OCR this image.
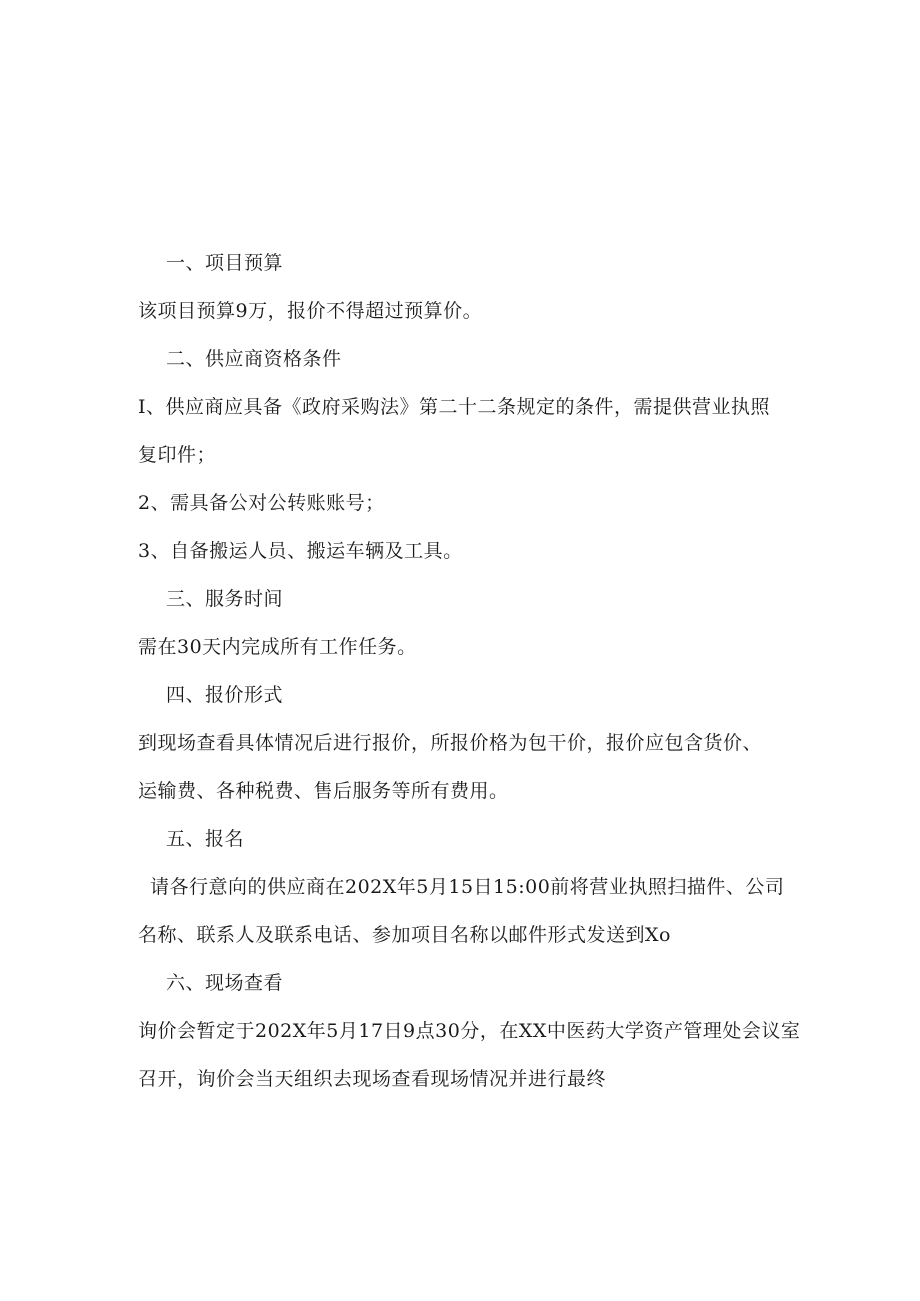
一、项目预算
该项目预算9万，报价不得超过预算价。
二、供应商资格条件
I、供应商应具备《政府采购法》第二十二条规定的条件，需提供营业执照
复印件；
2、需具备公对公转账账号；
3、自备搬运人员、搬运车辆及工具。
三、服务时间
需在30天内完成所有工作任务。
四、报价形式
到现场查看具体情况后进行报价，所报价格为包干价，报价应包含货价、
运输费、各种税费、售后服务等所有费用。
五、报名
请各行意向的供应商在202X年5月15日15:00前将营业执照扫描件、公司
名称、联系人及联系电话、参加项目名称以邮件形式发送到Xo
六、现场查看
询价会暂定于202X年5月17日9点30分，在XX中医药大学资产管理处会议室
召开，询价会当天组织去现场查看现场情况并进行最终
